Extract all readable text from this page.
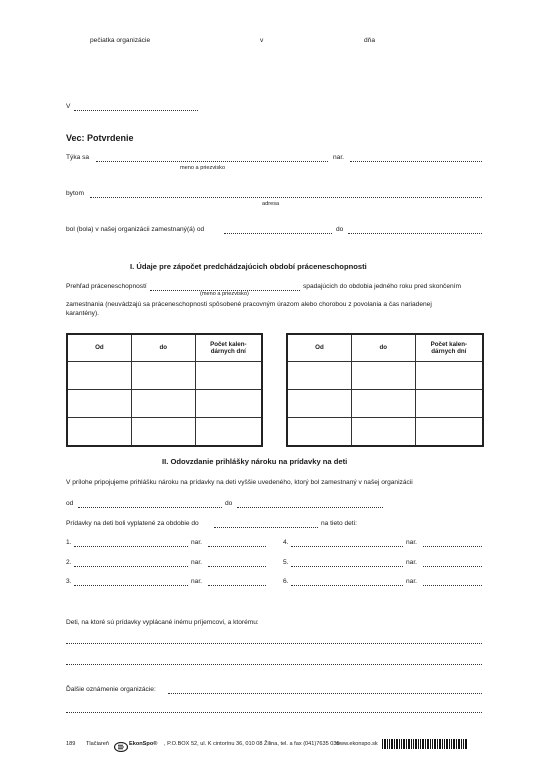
pečiatka organizácie	v	dňa
V
Vec: Potvrdenie
Týka sa	nar.
meno a priezvisko
bytom
adresa
bol (bola) v našej organizácii zamestnaný(á) od	do
I. Údaje pre zápočet predchádzajúcich období práceneschopnosti
Prehľad práceneschopností	spadajúcich do obdobia jedného roku pred skončením
(meno a priezvisko)
zamestnania (neuvádzajú sa práceneschopnosti spôsobené pracovným úrazom alebo chorobou z povolania a čas nariadenej
karantény).
Od	do	Počet kalen-
dárnych dní

Od	do	Počet kalen-
dárnych dní

II. Odovzdanie prihlášky nároku na prídavky na deti
V prílohe pripojujeme prihlášku nároku na prídavky na deti vyššie uvedeného, ktorý bol zamestnaný v našej organizácii
od	do
Prídavky na deti boli vyplatené za obdobie do	na tieto deti:
1.	nar.
2.	nar.
3.	nar.
4.	nar.
5.	nar.
6.	nar.
Deti, na ktoré sú prídavky vyplácané inému príjemcovi, a ktorému:
Ďalšie oznámenie organizácie:
189 Tlačiareň	EkonSpo® , P.O.BOX 52, ul. K cintorínu 36, 010 08 Žilina, tel. a fax (041)7635 035
www.ekonspo.sk
